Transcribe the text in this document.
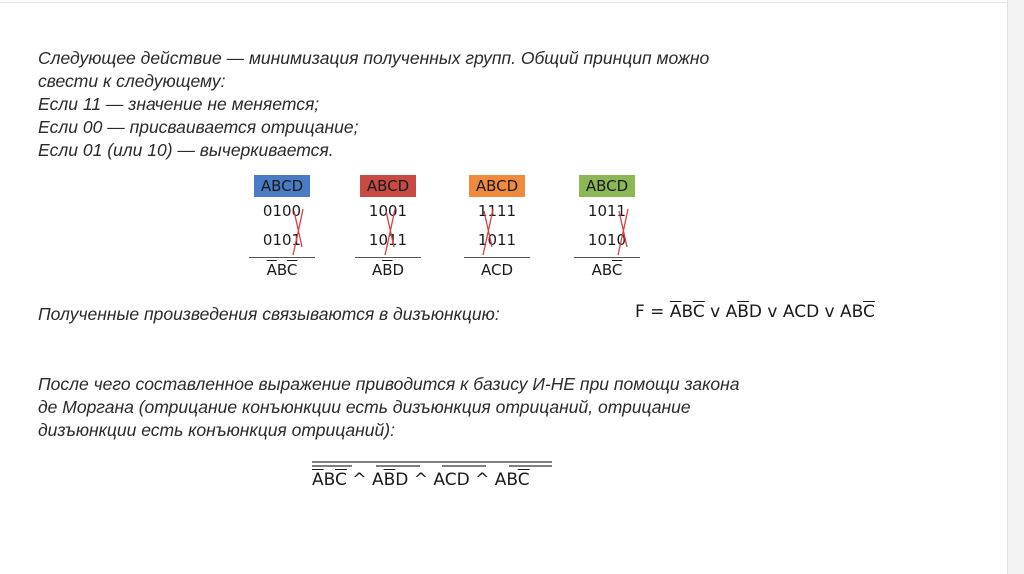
Следующее действие — минимизация полученных групп. Общий принцип можно
свести к следующему:
Если 11 — значение не меняется;
Если 00 — присваивается отрицание;
Если 01 (или 10) — вычеркивается.
ABCD
0100
0101
$\overline{A}B\overline{C}$
ABCD
1001
1011
$A\overline{B}D$
ABCD
1111
1011
ACD
ABCD
1011
1010
$AB\overline{C}$
Полученные произведения связываются в дизъюнкцию:	$F = \overline{A}B\overline{C}$ v $A\overline{B}D$ v ACD v $AB\overline{C}$
После чего составленное выражение приводится к базису И-НЕ при помощи закона
де Моргана (отрицание конъюнкции есть дизъюнкция отрицаний, отрицание
дизъюнкции есть конъюнкция отрицаний):
$\overline{A}B\overline{C}$ ^ $A\overline{B}D$ ^ ACD ^ $AB\overline{C}$
